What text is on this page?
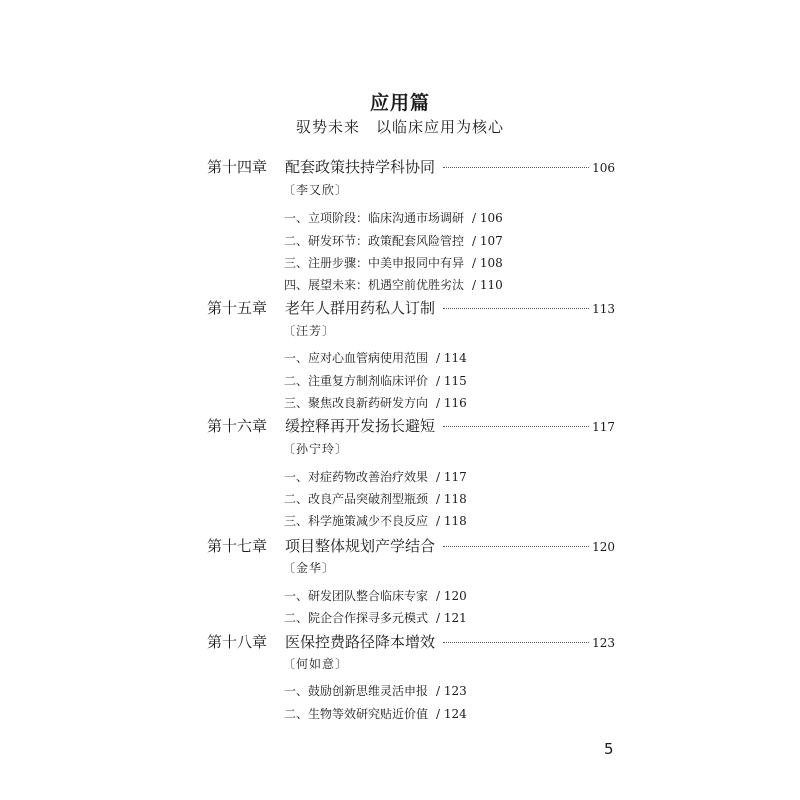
应用篇
驭势未来　以临床应用为核心
第十四章	配套政策扶持学科协同	106
〔李又欣〕
一、立项阶段：临床沟通市场调研 / 106
二、研发环节：政策配套风险管控 / 107
三、注册步骤：中美申报同中有异 / 108
四、展望未来：机遇空前优胜劣汰 / 110
第十五章	老年人群用药私人订制	113
〔汪芳〕
一、应对心血管病使用范围 / 114
二、注重复方制剂临床评价 / 115
三、聚焦改良新药研发方向 / 116
第十六章	缓控释再开发扬长避短	117
〔孙宁玲〕
一、对症药物改善治疗效果 / 117
二、改良产品突破剂型瓶颈 / 118
三、科学施策减少不良反应 / 118
第十七章	项目整体规划产学结合	120
〔金华〕
一、研发团队整合临床专家 / 120
二、院企合作探寻多元模式 / 121
第十八章	医保控费路径降本增效	123
〔何如意〕
一、鼓励创新思维灵活申报 / 123
二、生物等效研究贴近价值 / 124
5
